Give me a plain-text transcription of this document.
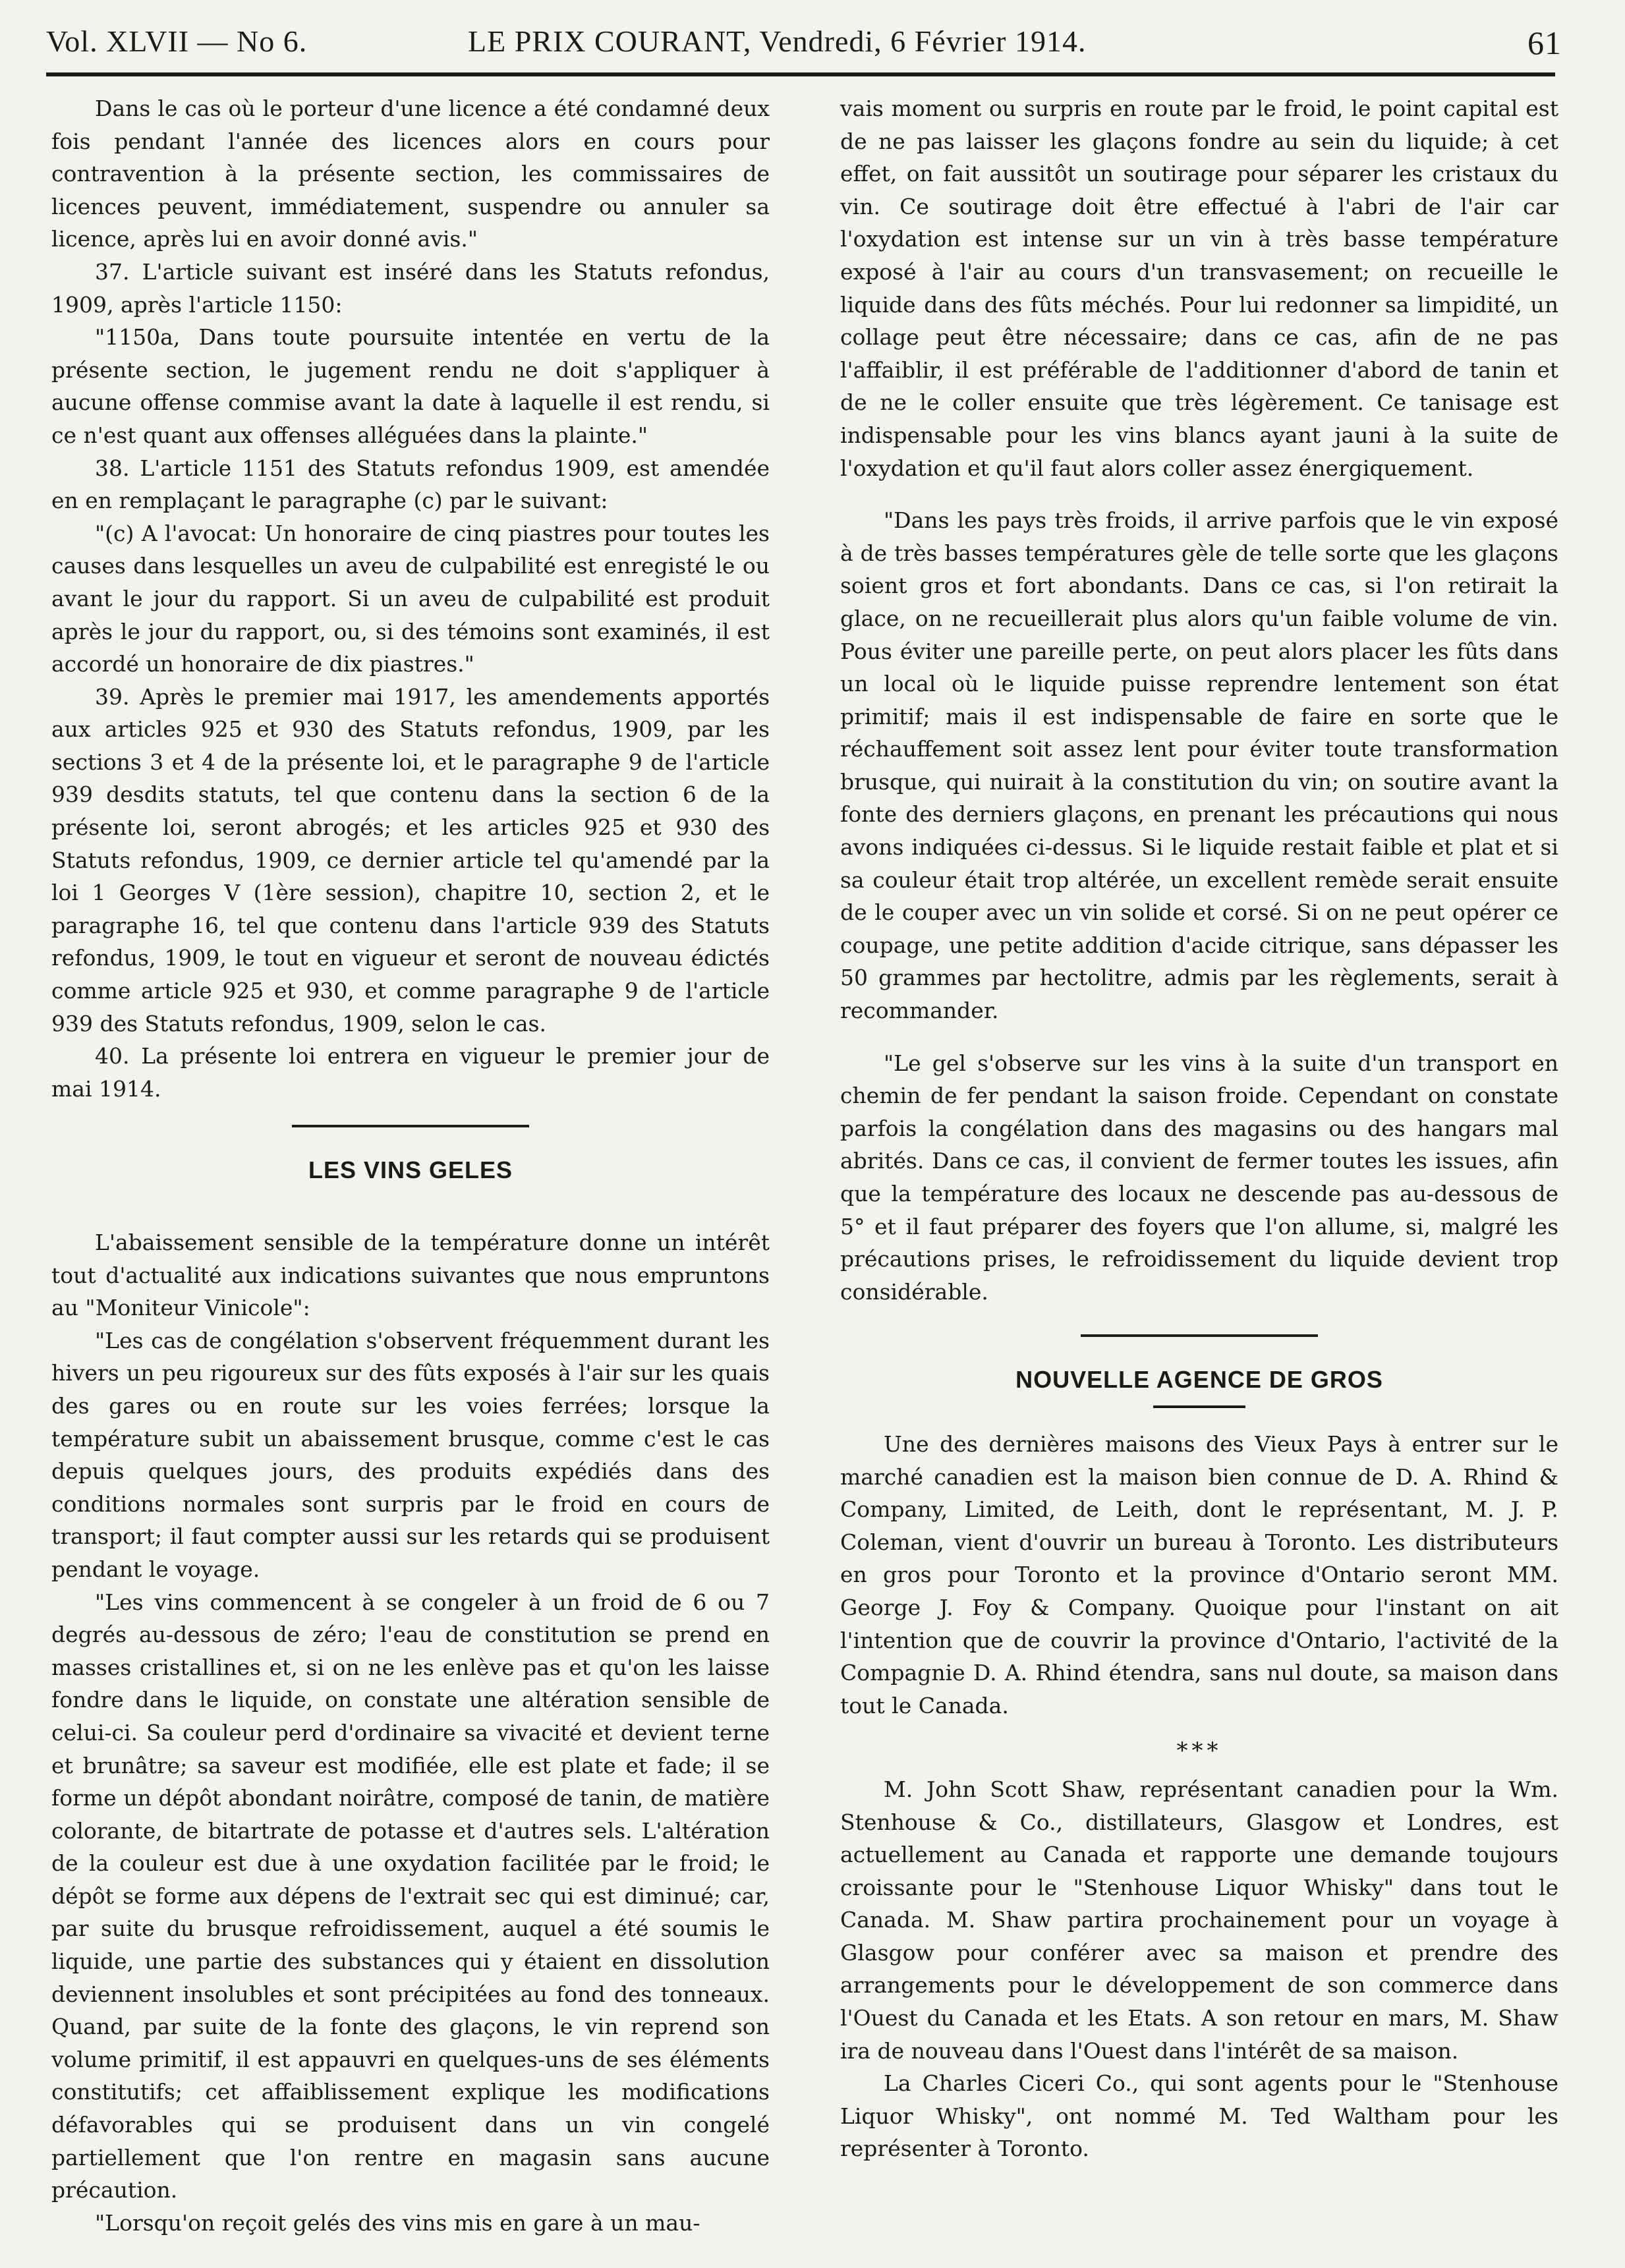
Vol. XLVII — No 6.	LE PRIX COURANT, Vendredi, 6 Février 1914.	61

Dans le cas où le porteur d'une licence a été condamné deux fois pendant l'année des licences alors en cours pour contravention à la présente section, les commissaires de licences peuvent, immédiatement, suspendre ou annuler sa licence, après lui en avoir donné avis."

37. L'article suivant est inséré dans les Statuts refondus, 1909, après l'article 1150:

"1150a, Dans toute poursuite intentée en vertu de la présente section, le jugement rendu ne doit s'appliquer à aucune offense commise avant la date à laquelle il est rendu, si ce n'est quant aux offenses alléguées dans la plainte."

38. L'article 1151 des Statuts refondus 1909, est amendée en en remplaçant le paragraphe (c) par le suivant:

"(c) A l'avocat: Un honoraire de cinq piastres pour toutes les causes dans lesquelles un aveu de culpabilité est enregisté le ou avant le jour du rapport. Si un aveu de culpabilité est produit après le jour du rapport, ou, si des témoins sont examinés, il est accordé un honoraire de dix piastres."

39. Après le premier mai 1917, les amendements apportés aux articles 925 et 930 des Statuts refondus, 1909, par les sections 3 et 4 de la présente loi, et le paragraphe 9 de l'article 939 desdits statuts, tel que contenu dans la section 6 de la présente loi, seront abrogés; et les articles 925 et 930 des Statuts refondus, 1909, ce dernier article tel qu'amendé par la loi 1 Georges V (1ère session), chapitre 10, section 2, et le paragraphe 16, tel que contenu dans l'article 939 des Statuts refondus, 1909, le tout en vigueur et seront de nouveau édictés comme article 925 et 930, et comme paragraphe 9 de l'article 939 des Statuts refondus, 1909, selon le cas.

40. La présente loi entrera en vigueur le premier jour de mai 1914.

LES VINS GELES

L'abaissement sensible de la température donne un intérêt tout d'actualité aux indications suivantes que nous empruntons au "Moniteur Vinicole":

"Les cas de congélation s'observent fréquemment durant les hivers un peu rigoureux sur des fûts exposés à l'air sur les quais des gares ou en route sur les voies ferrées; lorsque la température subit un abaissement brusque, comme c'est le cas depuis quelques jours, des produits expédiés dans des conditions normales sont surpris par le froid en cours de transport; il faut compter aussi sur les retards qui se produisent pendant le voyage.

"Les vins commencent à se congeler à un froid de 6 ou 7 degrés au-dessous de zéro; l'eau de constitution se prend en masses cristallines et, si on ne les enlève pas et qu'on les laisse fondre dans le liquide, on constate une altération sensible de celui-ci. Sa couleur perd d'ordinaire sa vivacité et devient terne et brunâtre; sa saveur est modifiée, elle est plate et fade; il se forme un dépôt abondant noirâtre, composé de tanin, de matière colorante, de bitartrate de potasse et d'autres sels. L'altération de la couleur est due à une oxydation facilitée par le froid; le dépôt se forme aux dépens de l'extrait sec qui est diminué; car, par suite du brusque refroidissement, auquel a été soumis le liquide, une partie des substances qui y étaient en dissolution deviennent insolubles et sont précipitées au fond des tonneaux. Quand, par suite de la fonte des glaçons, le vin reprend son volume primitif, il est appauvri en quelques-uns de ses éléments constitutifs; cet affaiblissement explique les modifications défavorables qui se produisent dans un vin congelé partiellement que l'on rentre en magasin sans aucune précaution.

"Lorsqu'on reçoit gelés des vins mis en gare à un mau-

vais moment ou surpris en route par le froid, le point capital est de ne pas laisser les glaçons fondre au sein du liquide; à cet effet, on fait aussitôt un soutirage pour séparer les cristaux du vin. Ce soutirage doit être effectué à l'abri de l'air car l'oxydation est intense sur un vin à très basse température exposé à l'air au cours d'un transvasement; on recueille le liquide dans des fûts méchés. Pour lui redonner sa limpidité, un collage peut être nécessaire; dans ce cas, afin de ne pas l'affaiblir, il est préférable de l'additionner d'abord de tanin et de ne le coller ensuite que très légèrement. Ce tanisage est indispensable pour les vins blancs ayant jauni à la suite de l'oxydation et qu'il faut alors coller assez énergiquement.

"Dans les pays très froids, il arrive parfois que le vin exposé à de très basses températures gèle de telle sorte que les glaçons soient gros et fort abondants. Dans ce cas, si l'on retirait la glace, on ne recueillerait plus alors qu'un faible volume de vin. Pous éviter une pareille perte, on peut alors placer les fûts dans un local où le liquide puisse reprendre lentement son état primitif; mais il est indispensable de faire en sorte que le réchauffement soit assez lent pour éviter toute transformation brusque, qui nuirait à la constitution du vin; on soutire avant la fonte des derniers glaçons, en prenant les précautions qui nous avons indiquées ci-dessus. Si le liquide restait faible et plat et si sa couleur était trop altérée, un excellent remède serait ensuite de le couper avec un vin solide et corsé. Si on ne peut opérer ce coupage, une petite addition d'acide citrique, sans dépasser les 50 grammes par hectolitre, admis par les règlements, serait à recommander.

"Le gel s'observe sur les vins à la suite d'un transport en chemin de fer pendant la saison froide. Cependant on constate parfois la congélation dans des magasins ou des hangars mal abrités. Dans ce cas, il convient de fermer toutes les issues, afin que la température des locaux ne descende pas au-dessous de 5° et il faut préparer des foyers que l'on allume, si, malgré les précautions prises, le refroidissement du liquide devient trop considérable.

NOUVELLE AGENCE DE GROS

Une des dernières maisons des Vieux Pays à entrer sur le marché canadien est la maison bien connue de D. A. Rhind & Company, Limited, de Leith, dont le représentant, M. J. P. Coleman, vient d'ouvrir un bureau à Toronto. Les distributeurs en gros pour Toronto et la province d'Ontario seront MM. George J. Foy & Company. Quoique pour l'instant on ait l'intention que de couvrir la province d'Ontario, l'activité de la Compagnie D. A. Rhind étendra, sans nul doute, sa maison dans tout le Canada.

***

M. John Scott Shaw, représentant canadien pour la Wm. Stenhouse & Co., distillateurs, Glasgow et Londres, est actuellement au Canada et rapporte une demande toujours croissante pour le "Stenhouse Liquor Whisky" dans tout le Canada. M. Shaw partira prochainement pour un voyage à Glasgow pour conférer avec sa maison et prendre des arrangements pour le développement de son commerce dans l'Ouest du Canada et les Etats. A son retour en mars, M. Shaw ira de nouveau dans l'Ouest dans l'intérêt de sa maison.

La Charles Ciceri Co., qui sont agents pour le "Stenhouse Liquor Whisky", ont nommé M. Ted Waltham pour les représenter à Toronto.
